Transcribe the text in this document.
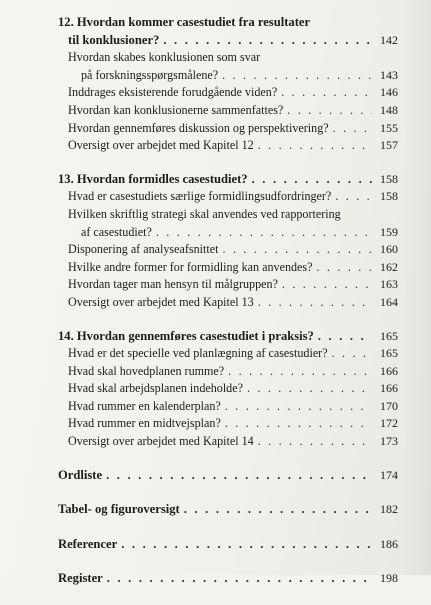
12. Hvordan kommer casestudiet fra resultater
til konklusioner? . . .	142
Hvordan skabes konklusionen som svar
på forskningsspørgsmålene? . . .	143
Inddrages eksisterende forudgående viden? . . .	146
Hvordan kan konklusionerne sammenfattes? . . .	148
Hvordan gennemføres diskussion og perspektivering? . . .	155
Oversigt over arbejdet med Kapitel 12 . . .	157
13. Hvordan formidles casestudiet? . . .	158
Hvad er casestudiets særlige formidlingsudfordringer? . . .	158
Hvilken skriftlig strategi skal anvendes ved rapportering
af casestudiet? . . .	159
Disponering af analyseafsnittet . . .	160
Hvilke andre former for formidling kan anvendes? . . .	162
Hvordan tager man hensyn til målgruppen? . . .	163
Oversigt over arbejdet med Kapitel 13 . . .	164
14. Hvordan gennemføres casestudiet i praksis? . . .	165
Hvad er det specielle ved planlægning af casestudier? . . .	165
Hvad skal hovedplanen rumme? . . .	166
Hvad skal arbejdsplanen indeholde? . . .	166
Hvad rummer en kalenderplan? . . .	170
Hvad rummer en midtvejsplan? . . .	172
Oversigt over arbejdet med Kapitel 14 . . .	173
Ordliste . . .	174
Tabel- og figuroversigt . . .	182
Referencer . . .	186
Register . . .	198
